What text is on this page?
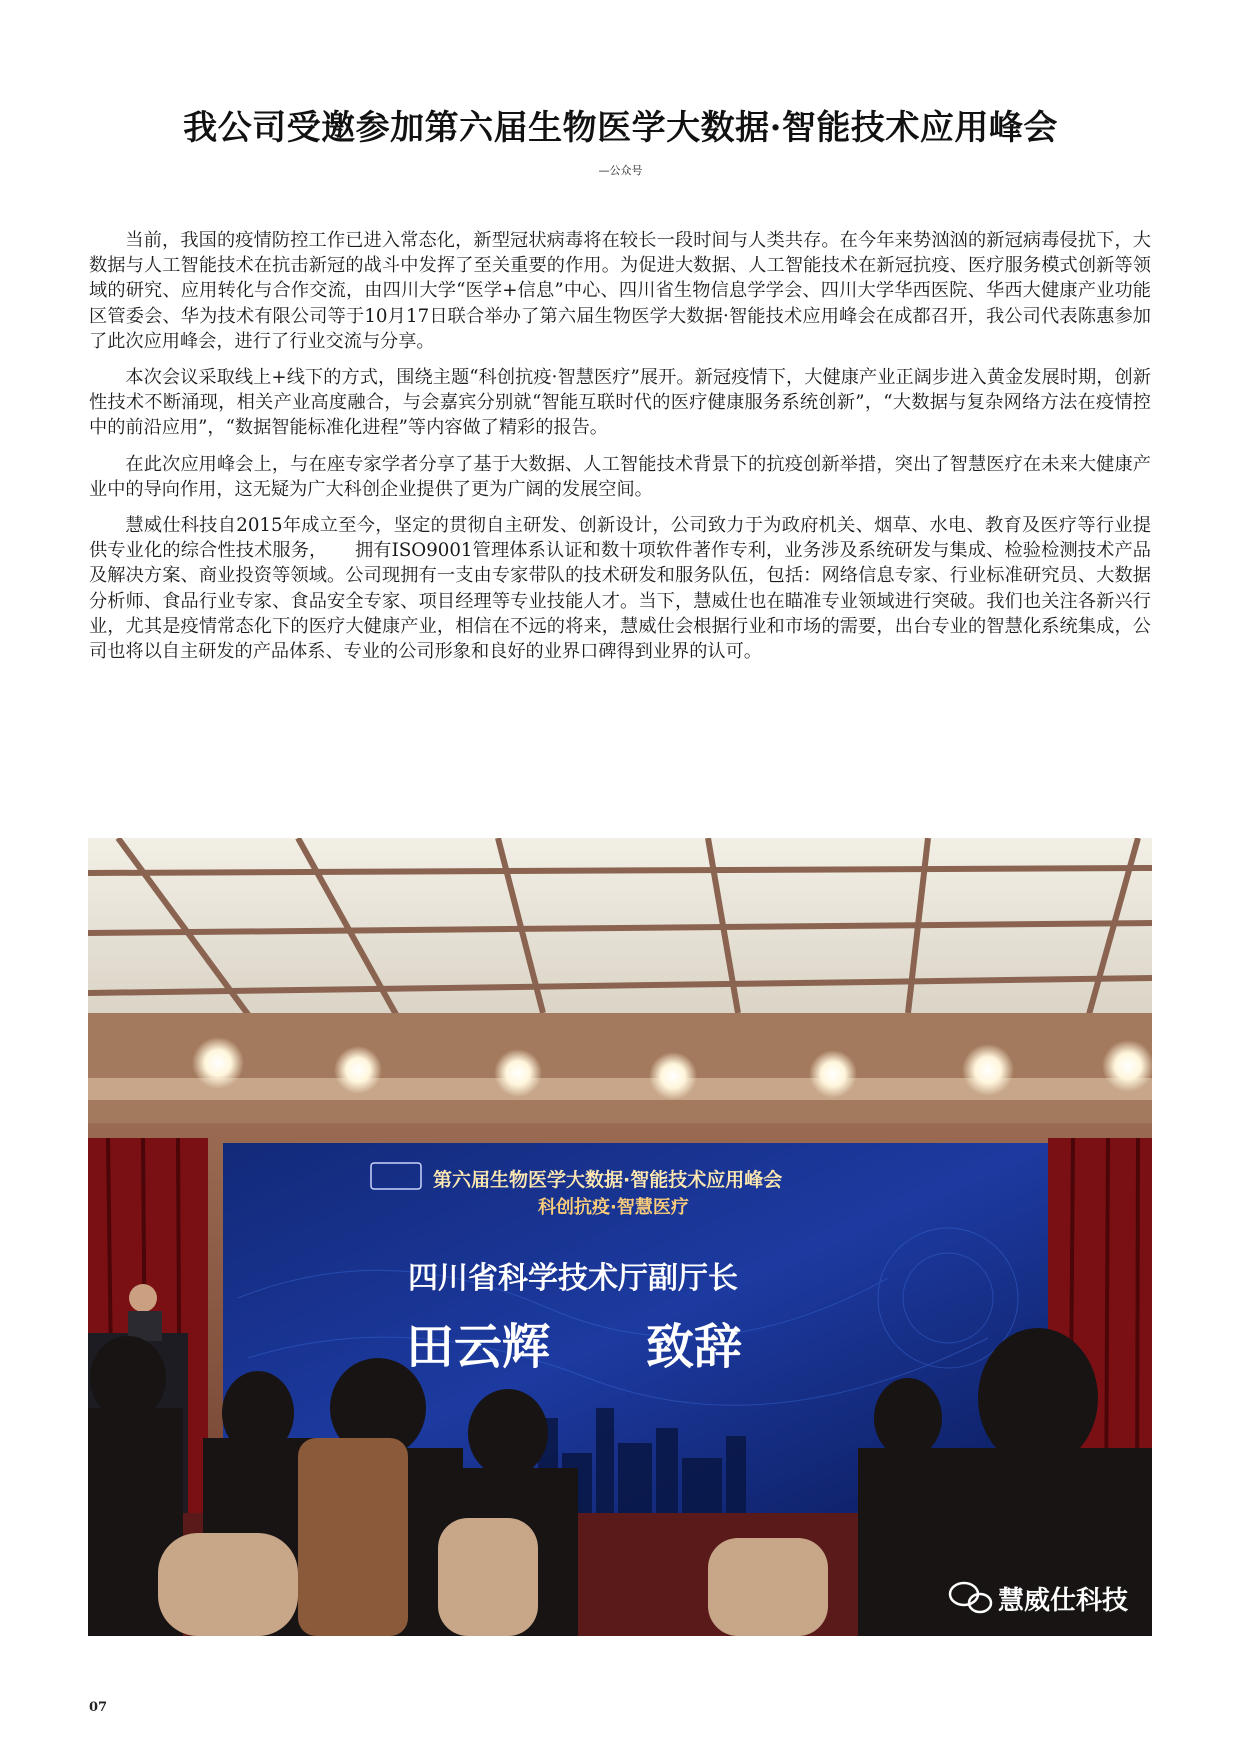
我公司受邀参加第六届生物医学大数据·智能技术应用峰会
—公众号

当前，我国的疫情防控工作已进入常态化，新型冠状病毒将在较长一段时间与人类共存。在今年来势汹汹的新冠病毒侵扰下，大数据与人工智能技术在抗击新冠的战斗中发挥了至关重要的作用。为促进大数据、人工智能技术在新冠抗疫、医疗服务模式创新等领域的研究、应用转化与合作交流，由四川大学“医学+信息”中心、四川省生物信息学学会、四川大学华西医院、华西大健康产业功能区管委会、华为技术有限公司等于10月17日联合举办了第六届生物医学大数据·智能技术应用峰会在成都召开，我公司代表陈惠参加了此次应用峰会，进行了行业交流与分享。

本次会议采取线上+线下的方式，围绕主题“科创抗疫·智慧医疗”展开。新冠疫情下，大健康产业正阔步进入黄金发展时期，创新性技术不断涌现，相关产业高度融合，与会嘉宾分别就“智能互联时代的医疗健康服务系统创新”，“大数据与复杂网络方法在疫情控中的前沿应用”，“数据智能标准化进程”等内容做了精彩的报告。

在此次应用峰会上，与在座专家学者分享了基于大数据、人工智能技术背景下的抗疫创新举措，突出了智慧医疗在未来大健康产业中的导向作用，这无疑为广大科创企业提供了更为广阔的发展空间。

慧威仕科技自2015年成立至今，坚定的贯彻自主研发、创新设计，公司致力于为政府机关、烟草、水电、教育及医疗等行业提供专业化的综合性技术服务，　　拥有ISO9001管理体系认证和数十项软件著作专利，业务涉及系统研发与集成、检验检测技术产品及解决方案、商业投资等领域。公司现拥有一支由专家带队的技术研发和服务队伍，包括：网络信息专家、行业标准研究员、大数据分析师、食品行业专家、食品安全专家、项目经理等专业技能人才。当下，慧威仕也在瞄准专业领域进行突破。我们也关注各新兴行业，尤其是疫情常态化下的医疗大健康产业，相信在不远的将来，慧威仕会根据行业和市场的需要，出台专业的智慧化系统集成，公司也将以自主研发的产品体系、专业的公司形象和良好的业界口碑得到业界的认可。

第六届生物医学大数据·智能技术应用峰会
科创抗疫·智慧医疗
四川省科学技术厅副厅长
田云辉　　致辞
慧威仕科技
07
